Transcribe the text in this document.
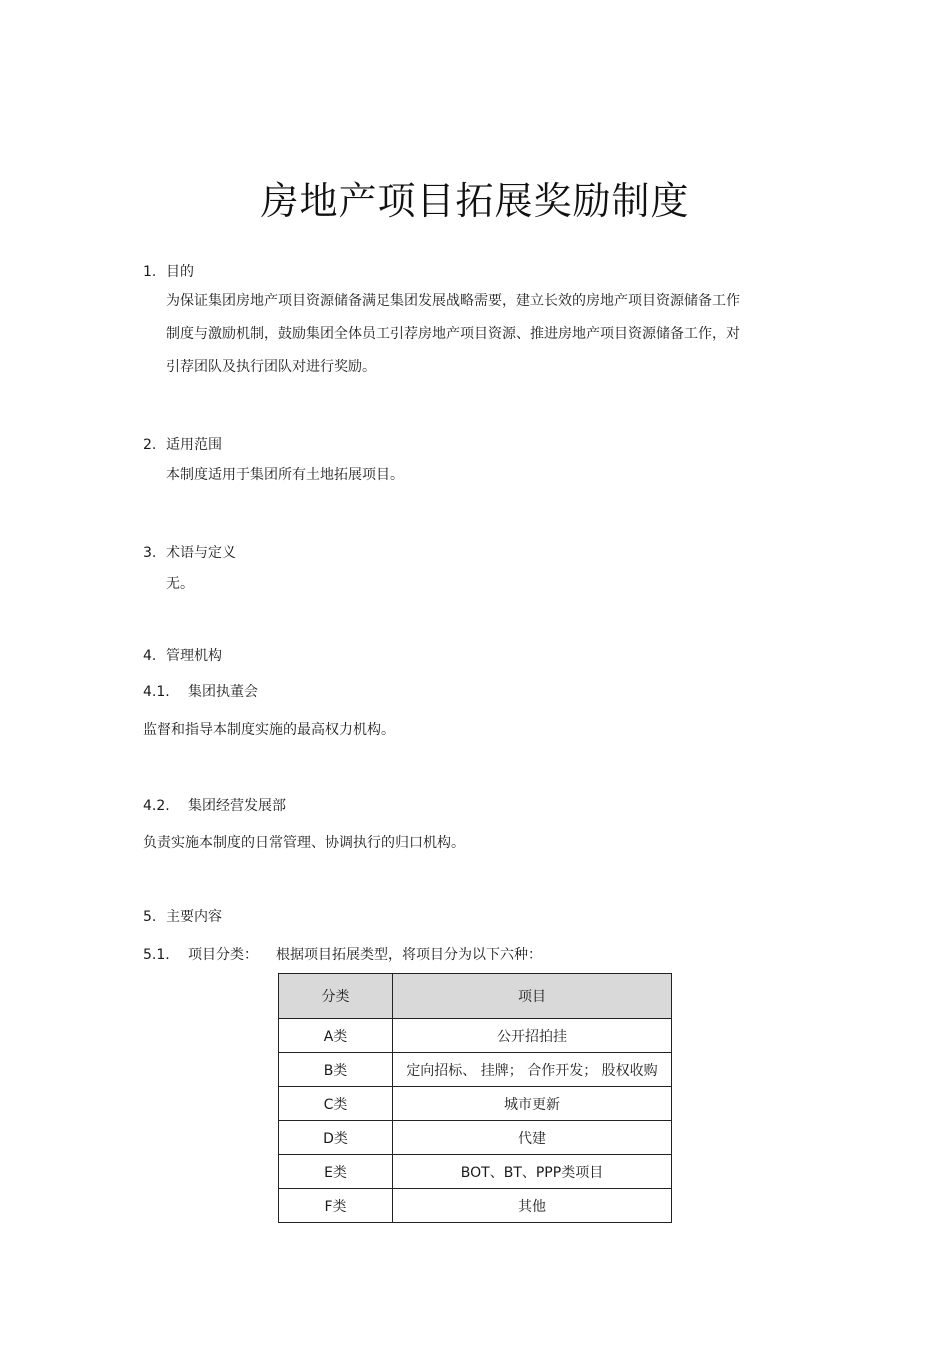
房地产项目拓展奖励制度
1. 目的
为保证集团房地产项目资源储备满足集团发展战略需要，建立长效的房地产项目资源储备工作制度与激励机制，鼓励集团全体员工引荐房地产项目资源、推进房地产项目资源储备工作，对引荐团队及执行团队对进行奖励。
2. 适用范围
本制度适用于集团所有土地拓展项目。
3. 术语与定义
无。
4. 管理机构
4.1. 集团执董会
监督和指导本制度实施的最高权力机构。
4.2. 集团经营发展部
负责实施本制度的日常管理、协调执行的归口机构。
5. 主要内容
5.1. 项目分类： 根据项目拓展类型，将项目分为以下六种：
分类	项目
A类	公开招拍挂
B类	定向招标、 挂牌； 合作开发； 股权收购
C类	城市更新
D类	代建
E类	BOT、BT、PPP类项目
F类	其他
